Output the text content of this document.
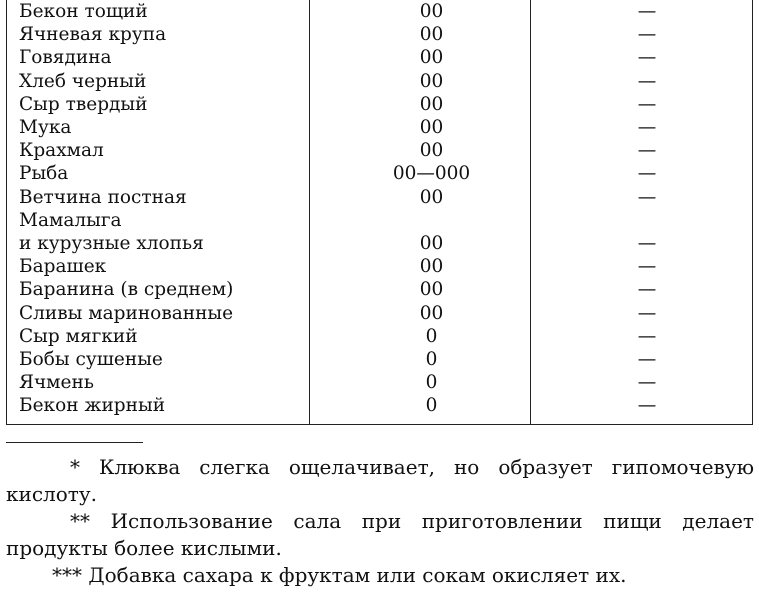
Бекон тощий	00	—
Ячневая крупа	00	—
Говядина	00	—
Хлеб черный	00	—
Сыр твердый	00	—
Мука	00	—
Крахмал	00	—
Рыба	00—000	—
Ветчина постная	00	—
Мамалыга		
и курузные хлопья	00	—
Барашек	00	—
Баранина (в среднем)	00	—
Сливы маринованные	00	—
Сыр мягкий	0	—
Бобы сушеные	0	—
Ячмень	0	—
Бекон жирный	0	—

* Клюква слегка ощелачивает, но образует гипомочевую кислоту.

** Использование сала при приготовлении пищи делает продукты более кислыми.

*** Добавка сахара к фруктам или сокам окисляет их.
